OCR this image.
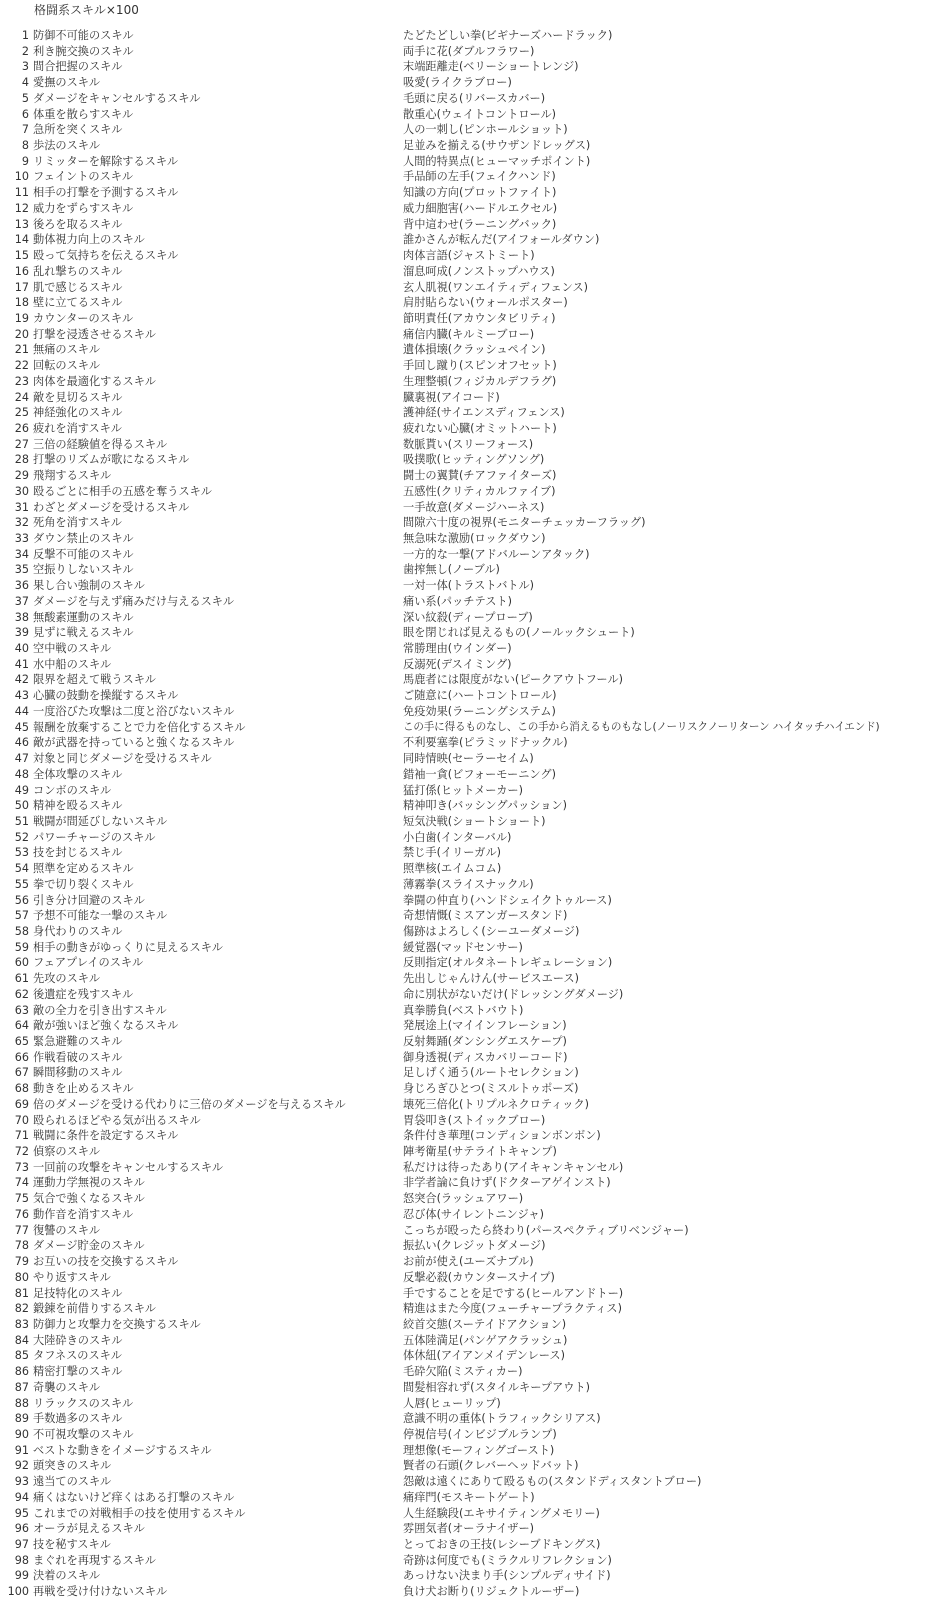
格闘系スキル×100
1 防御不可能のスキル	たどたどしい拳(ビギナーズハードラック)
2 利き腕交換のスキル	両手に花(ダブルフラワー)
3 間合把握のスキル	末端距離走(ベリーショートレンジ)
4 愛撫のスキル	吸愛(ライクラブロー)
5 ダメージをキャンセルするスキル	毛頭に戻る(リバースカバー)
6 体重を散らすスキル	散重心(ウェイトコントロール)
7 急所を突くスキル	人の一刺し(ピンホールショット)
8 歩法のスキル	足並みを揃える(サウザンドレッグス)
9 リミッターを解除するスキル	人間的特異点(ヒューマッチポイント)
10 フェイントのスキル	手品師の左手(フェイクハンド)
11 相手の打撃を予測するスキル	知識の方向(プロットファイト)
12 威力をずらすスキル	威力細胞害(ハードルエクセル)
13 後ろを取るスキル	背中這わせ(ラーニングバック)
14 動体視力向上のスキル	誰かさんが転んだ(アイフォールダウン)
15 殴って気持ちを伝えるスキル	肉体言語(ジャストミート)
16 乱れ撃ちのスキル	溜息呵成(ノンストップハウス)
17 肌で感じるスキル	玄人肌視(ワンエイティディフェンス)
18 壁に立てるスキル	肩肘貼らない(ウォールポスター)
19 カウンターのスキル	節明責任(アカウンタビリティ)
20 打撃を浸透させるスキル	痛信内臓(キルミーブロー)
21 無痛のスキル	遺体損壊(クラッシュペイン)
22 回転のスキル	手回し蹴り(スピンオフセット)
23 肉体を最適化するスキル	生理整頓(フィジカルデフラグ)
24 敵を見切るスキル	臓裏視(アイコード)
25 神経強化のスキル	護神経(サイエンスディフェンス)
26 疲れを消すスキル	疲れない心臓(オミットハート)
27 三倍の経験値を得るスキル	数脈貰い(スリーフォース)
28 打撃のリズムが歌になるスキル	吸撲歌(ヒッティングソング)
29 飛翔するスキル	闘士の翼賛(チアファイターズ)
30 殴るごとに相手の五感を奪うスキル	五感性(クリティカルファイブ)
31 わざとダメージを受けるスキル	一手故意(ダメージハーネス)
32 死角を消すスキル	間隙六十度の視界(モニターチェッカーフラッグ)
33 ダウン禁止のスキル	無急味な激励(ロックダウン)
34 反撃不可能のスキル	一方的な一撃(アドバルーンアタック)
35 空振りしないスキル	歯搾無し(ノーブル)
36 果し合い強制のスキル	一対一体(トラストバトル)
37 ダメージを与えず痛みだけ与えるスキル	痛い系(パッチテスト)
38 無酸素運動のスキル	深い紋殺(ディープローブ)
39 見ずに戦えるスキル	眼を閉じれば見えるもの(ノールックシュート)
40 空中戦のスキル	常勝理由(ウインダー)
41 水中船のスキル	反溺死(デスイミング)
42 限界を超えて戦うスキル	馬鹿者には限度がない(ピークアウトフール)
43 心臓の鼓動を操縦するスキル	ご随意に(ハートコントロール)
44 一度浴びた攻撃は二度と浴びないスキル	免疫効果(ラーニングシステム)
45 報酬を放棄することで力を倍化するスキル	この手に得るものなし、この手から消えるものもなし(ノーリスクノーリターン ハイタッチハイエンド)
46 敵が武器を持っていると強くなるスキル	不利要塞拳(ピラミッドナックル)
47 対象と同じダメージを受けるスキル	同時情映(セーラーセイム)
48 全体攻撃のスキル	錯袖一貪(ビフォーモーニング)
49 コンボのスキル	猛打係(ヒットメーカー)
50 精神を殴るスキル	精神叩き(バッシングパッション)
51 戦闘が間延びしないスキル	短気決戦(ショートショート)
52 パワーチャージのスキル	小白歯(インターバル)
53 技を封じるスキル	禁じ手(イリーガル)
54 照準を定めるスキル	照準核(エイムコム)
55 拳で切り裂くスキル	薄霧拳(スライスナックル)
56 引き分け回避のスキル	拳闘の仲直り(ハンドシェイクトゥルース)
57 予想不可能な一撃のスキル	奇想情慨(ミスアンガースタンド)
58 身代わりのスキル	傷跡はよろしく(シーユーダメージ)
59 相手の動きがゆっくりに見えるスキル	緩覚器(マッドセンサー)
60 フェアプレイのスキル	反則指定(オルタネートレギュレーション)
61 先攻のスキル	先出しじゃんけん(サービスエース)
62 後遺症を残すスキル	命に別状がないだけ(ドレッシングダメージ)
63 敵の全力を引き出すスキル	真拳勝負(ベストバウト)
64 敵が強いほど強くなるスキル	発展途上(マイインフレーション)
65 緊急避難のスキル	反射舞踊(ダンシングエスケープ)
66 作戦看破のスキル	御身透視(ディスカバリーコード)
67 瞬間移動のスキル	足しげく通う(ルートセレクション)
68 動きを止めるスキル	身じろぎひとつ(ミスルトゥポーズ)
69 倍のダメージを受ける代わりに三倍のダメージを与えるスキル	壊死三倍化(トリプルネクロティック)
70 殴られるほどやる気が出るスキル	胃袋叩き(ストイックブロー)
71 戦闘に条件を設定するスキル	条件付き華理(コンディションボンボン)
72 偵察のスキル	陣考衛星(サテライトキャンプ)
73 一回前の攻撃をキャンセルするスキル	私だけは待ったあり(アイキャンキャンセル)
74 運動力学無視のスキル	非学者論に負けず(ドクターアゲインスト)
75 気合で強くなるスキル	怒突合(ラッシュアワー)
76 動作音を消すスキル	忍び体(サイレントニンジャ)
77 復讐のスキル	こっちが殴ったら終わり(パースペクティブリベンジャー)
78 ダメージ貯金のスキル	振払い(クレジットダメージ)
79 お互いの技を交換するスキル	お前が使え(ユーズナブル)
80 やり返すスキル	反撃必殺(カウンタースナイプ)
81 足技特化のスキル	手ですることを足でする(ヒールアンドトー)
82 鍛錬を前借りするスキル	精進はまた今度(フューチャープラクティス)
83 防御力と攻撃力を交換するスキル	絞首交態(スーテイドアクション)
84 大陸砕きのスキル	五体陸満足(パンゲアクラッシュ)
85 タフネスのスキル	体休紐(アイアンメイデンレース)
86 精密打撃のスキル	毛砕欠陥(ミスティカー)
87 奇襲のスキル	間髪相容れず(スタイルキープアウト)
88 リラックスのスキル	人唇(ヒューリップ)
89 手数過多のスキル	意識不明の重体(トラフィックシリアス)
90 不可視攻撃のスキル	停視信号(インビジブルランプ)
91 ベストな動きをイメージするスキル	理想像(モーフィングゴースト)
92 頭突きのスキル	賢者の石頭(クレバーヘッドバット)
93 遠当てのスキル	怨敵は遠くにありて殴るもの(スタンドディスタントブロー)
94 痛くはないけど痒くはある打撃のスキル	痛痒門(モスキートゲート)
95 これまでの対戦相手の技を使用するスキル	人生経験段(エキサイティングメモリー)
96 オーラが見えるスキル	雰囲気者(オーラナイザー)
97 技を秘すスキル	とっておきの王技(レシーブドキングス)
98 まぐれを再現するスキル	奇跡は何度でも(ミラクルリフレクション)
99 決着のスキル	あっけない決まり手(シンプルディサイド)
100 再戦を受け付けないスキル	負け犬お断り(リジェクトルーザー)
